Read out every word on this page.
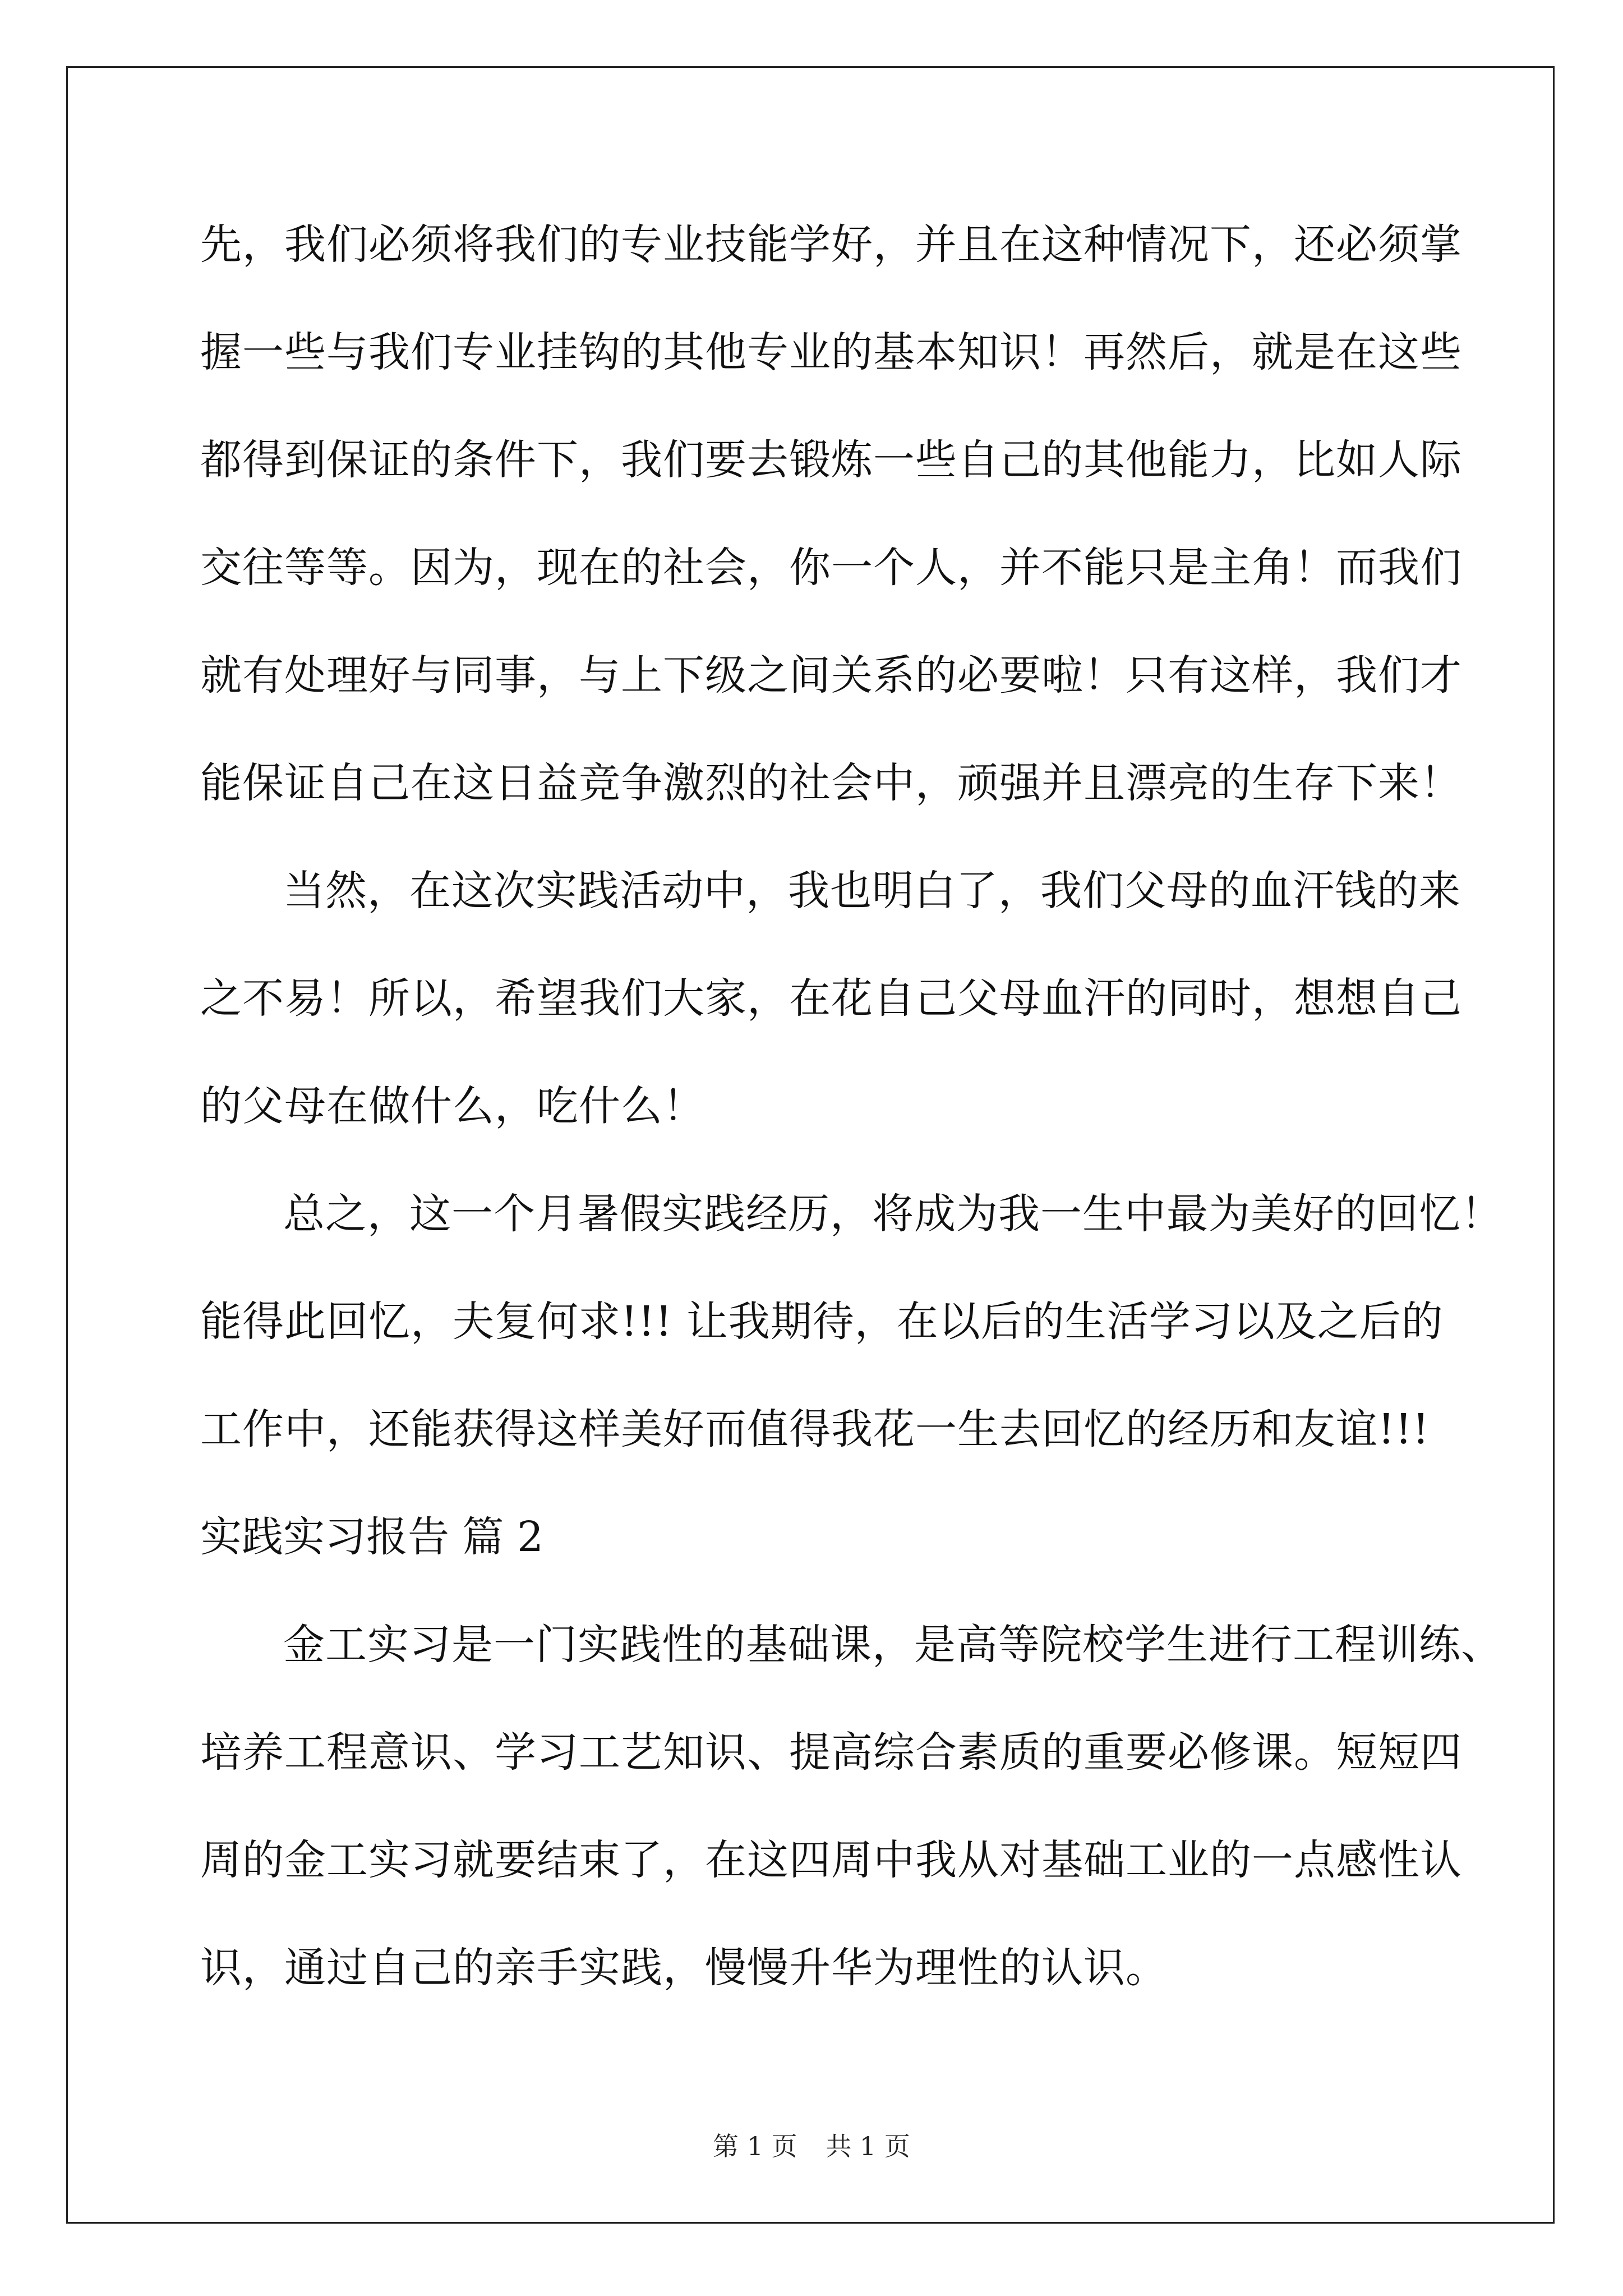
先，我们必须将我们的专业技能学好，并且在这种情况下，还必须掌
握一些与我们专业挂钩的其他专业的基本知识！再然后，就是在这些
都得到保证的条件下，我们要去锻炼一些自己的其他能力，比如人际
交往等等。因为，现在的社会，你一个人，并不能只是主角！而我们
就有处理好与同事，与上下级之间关系的必要啦！只有这样，我们才
能保证自己在这日益竞争激烈的社会中，顽强并且漂亮的生存下来！
当然，在这次实践活动中，我也明白了，我们父母的血汗钱的来
之不易！所以，希望我们大家，在花自己父母血汗的同时，想想自己
的父母在做什么，吃什么！
总之，这一个月暑假实践经历，将成为我一生中最为美好的回忆！
能得此回忆，夫复何求!!! 让我期待，在以后的生活学习以及之后的
工作中，还能获得这样美好而值得我花一生去回忆的经历和友谊!!!
实践实习报告 篇 2
金工实习是一门实践性的基础课，是高等院校学生进行工程训练、
培养工程意识、学习工艺知识、提高综合素质的重要必修课。短短四
周的金工实习就要结束了，在这四周中我从对基础工业的一点感性认
识，通过自己的亲手实践，慢慢升华为理性的认识。
第 1 页 共 1 页
